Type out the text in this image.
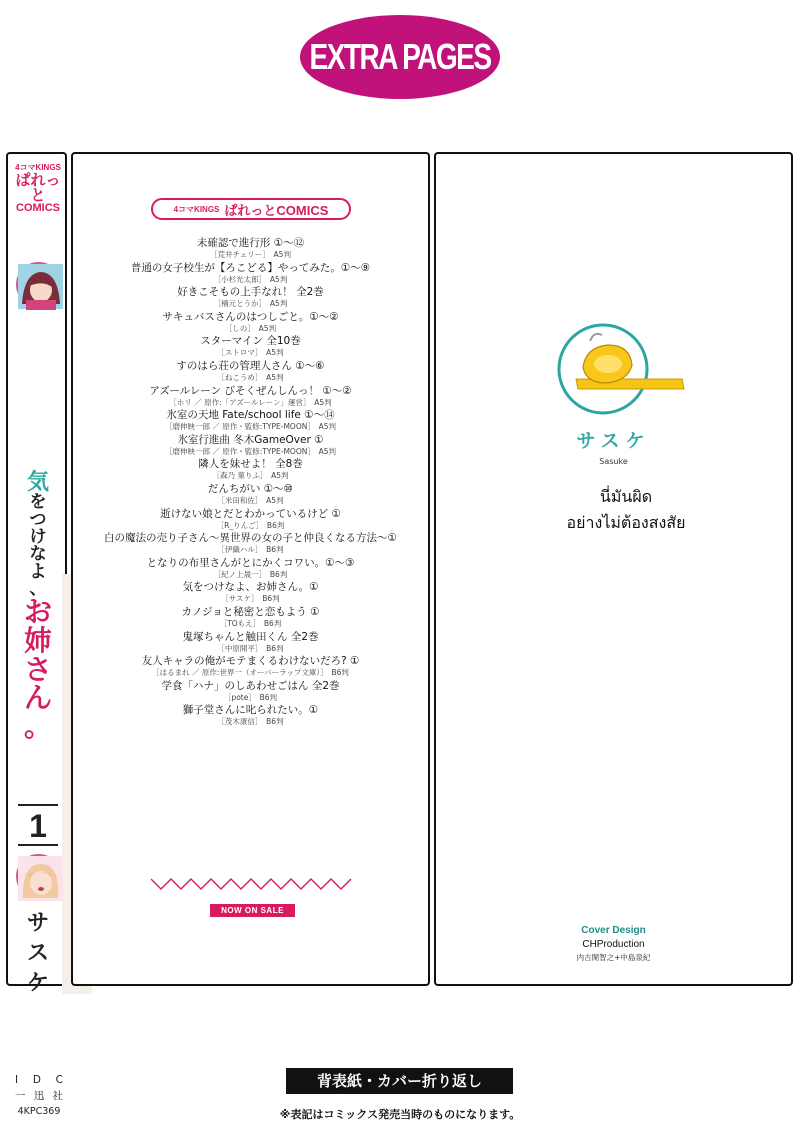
EXTRA PAGES
4コマKINGS
ぱれっと
COMICS
気
を
つ
け
な
よ
、
お
姉
さ
ん
。
1
サ
ス
ケ
I D C
一 迅 社
4KPC369
4コマKINGS ぱれっとCOMICS
未確認で進行形 ①〜⑫
［荒井チェリー］　A5判
普通の女子校生が【ろこどる】やってみた。①〜⑨
［小杉光太郎］　A5判
好きこそもの上手なれ！ 全2巻
［楠元とうか］　A5判
サキュバスさんのはつしごと。①〜②
［しの］　A5判
スターマイン 全10巻
［ストロマ］　A5判
すのはら荘の管理人さん ①〜⑥
［ねこうめ］　A5判
アズールレーン びそくぜんしんっ！ ①〜②
［ホリ ／ 原作:「アズールレーン」運営］　A5判
氷室の天地 Fate/school life ①〜⑭
［磨伸映一郎 ／ 原作・監修:TYPE-MOON］　A5判
氷室行進曲 冬木GameOver ①
［磨伸映一郎 ／ 原作・監修:TYPE-MOON］　A5判
隣人を妹せよ！ 全8巻
［森乃 菓りふ］　A5判
だんちがい ①〜⑩
［米田和佐］　A5判
逝けない娘とだとわかっているけど ①
［R_りんご］　B6判
白の魔法の売り子さん〜異世界の女の子と仲良くなる方法〜①
［伊織ハル］　B6判
となりの布里さんがとにかくコワい。①〜③
［紀ノ上晟一］　B6判
気をつけなよ、お姉さん。①
［サスケ］　B6判
カノジョと秘密と恋もよう ①
［TOもえ］　B6判
鬼塚ちゃんと触田くん 全2巻
［中原開平］　B6判
友人キャラの俺がモテまくるわけないだろ? ①
［はるまれ ／ 原作:世界一（オーバーラップ文庫）］　B6判
学食「ハナ」のしあわせごはん 全2巻
［pote］　B6判
獅子堂さんに叱られたい。①
［茂木康信］　B6判
NOW ON SALE
サスケ
Sasuke
นี่มันผิด
อย่างไม่ต้องสงสัย
Cover Design
CHProduction
内古閑智之+中島泉紀
背表紙・カバー折り返し
※表記はコミックス発売当時のものになります。
